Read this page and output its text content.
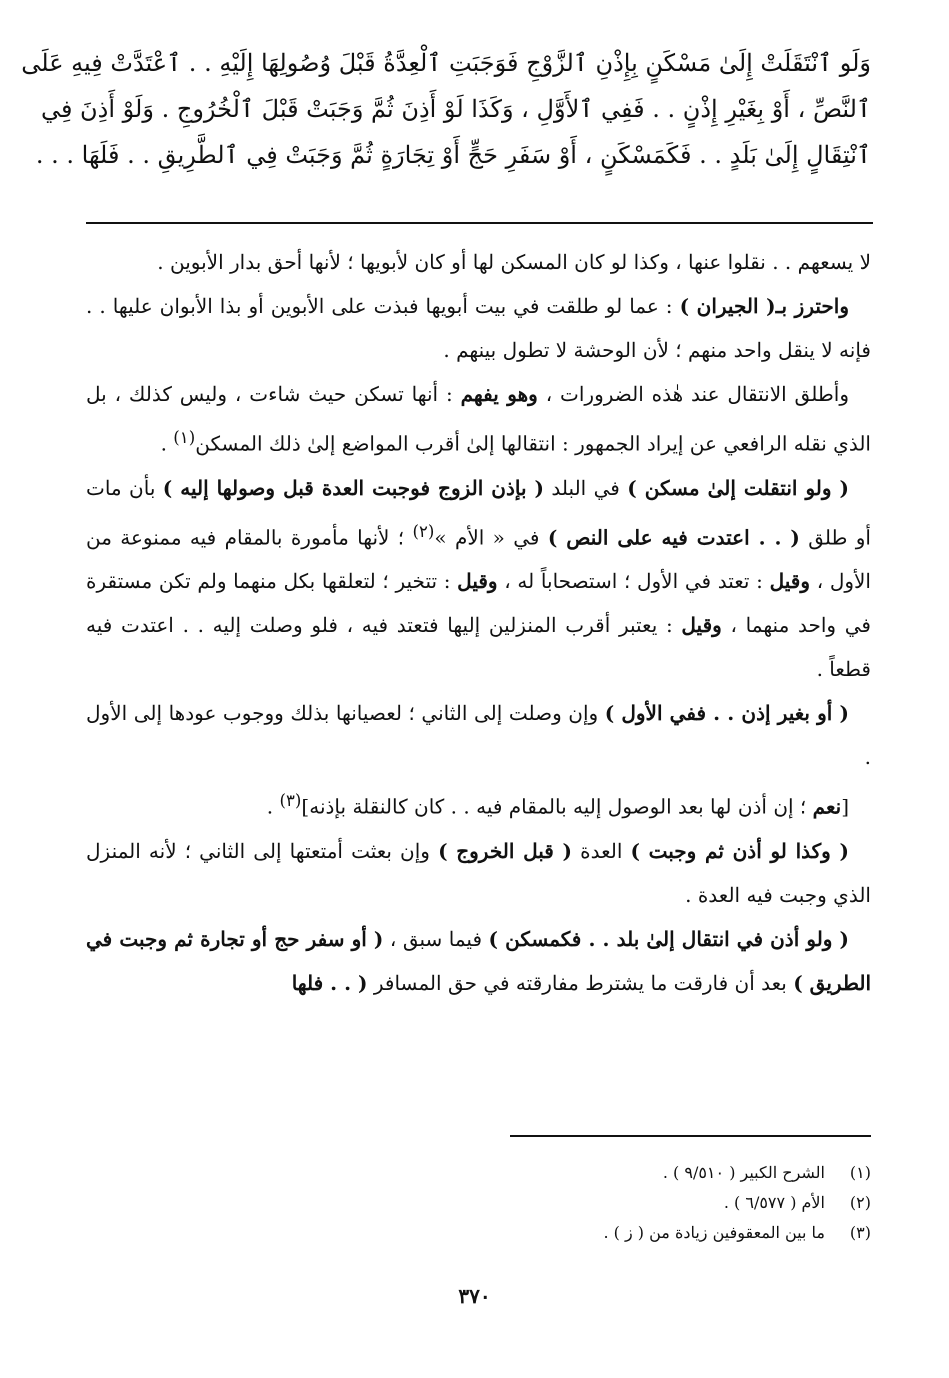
وَلَو ٱنْتَقَلَتْ إِلَىٰ مَسْكَنٍ بِإِذْنِ ٱلزَّوْجِ فَوَجَبَتِ ٱلْعِدَّةُ قَبْلَ وُصُولِهَا إِلَيْهِ . . ٱعْتَدَّتْ فِيهِ عَلَى
ٱلنَّصِّ ، أَوْ بِغَيْرِ إِذْنٍ . . فَفِي ٱلأَوَّلِ ، وَكَذَا لَوْ أَذِنَ ثُمَّ وَجَبَتْ قَبْلَ ٱلْخُرُوجِ . وَلَوْ أَذِنَ فِي
ٱنْتِقَالٍ إِلَىٰ بَلَدٍ . . فَكَمَسْكَنٍ ، أَوْ سَفَرِ حَجٍّ أَوْ تِجَارَةٍ ثُمَّ وَجَبَتْ فِي ٱلطَّرِيقِ . . فَلَهَا . . .

لا يسعهم . . نقلوا عنها ، وكذا لو كان المسكن لها أو كان لأبويها ؛ لأنها أحق بدار الأبوين .

واحترز بـ( الجيران ) : عما لو طلقت في بيت أبويها فبذت على الأبوين أو بذا الأبوان عليها . . فإنه لا ينقل واحد منهم ؛ لأن الوحشة لا تطول بينهم .

وأطلق الانتقال عند هٰذه الضرورات ، وهو يفهم : أنها تسكن حيث شاءت ، وليس كذلك ، بل الذي نقله الرافعي عن إيراد الجمهور : انتقالها إلىٰ أقرب المواضع إلىٰ ذلك المسكن$^{(١)}$ .

( ولو انتقلت إلىٰ مسكن ) في البلد ( بإذن الزوج فوجبت العدة قبل وصولها إليه ) بأن مات أو طلق ( . . اعتدت فيه على النص ) في « الأم »$^{(٢)}$ ؛ لأنها مأمورة بالمقام فيه ممنوعة من الأول ، وقيل : تعتد في الأول ؛ استصحاباً له ، وقيل : تتخير ؛ لتعلقها بكل منهما ولم تكن مستقرة في واحد منهما ، وقيل : يعتبر أقرب المنزلين إليها فتعتد فيه ، فلو وصلت إليه . . اعتدت فيه قطعاً .

( أو بغير إذن . . ففي الأول ) وإن وصلت إلى الثاني ؛ لعصيانها بذلك ووجوب عودها إلى الأول .

[نعم ؛ إن أذن لها بعد الوصول إليه بالمقام فيه . . كان كالنقلة بإذنه]$^{(٣)}$ .

( وكذا لو أذن ثم وجبت ) العدة ( قبل الخروج ) وإن بعثت أمتعتها إلى الثاني ؛ لأنه المنزل الذي وجبت فيه العدة .

( ولو أذن في انتقال إلىٰ بلد . . فكمسكن ) فيما سبق ، ( أو سفر حج أو تجارة ثم وجبت في الطريق ) بعد أن فارقت ما يشترط مفارقته في حق المسافر ( . . فلها

(١)
الشرح الكبير ( ٩/٥١٠ ) .
(٢)
الأم ( ٦/٥٧٧ ) .
(٣)
ما بين المعقوفين زيادة من ( ز ) .
٣٧٠
